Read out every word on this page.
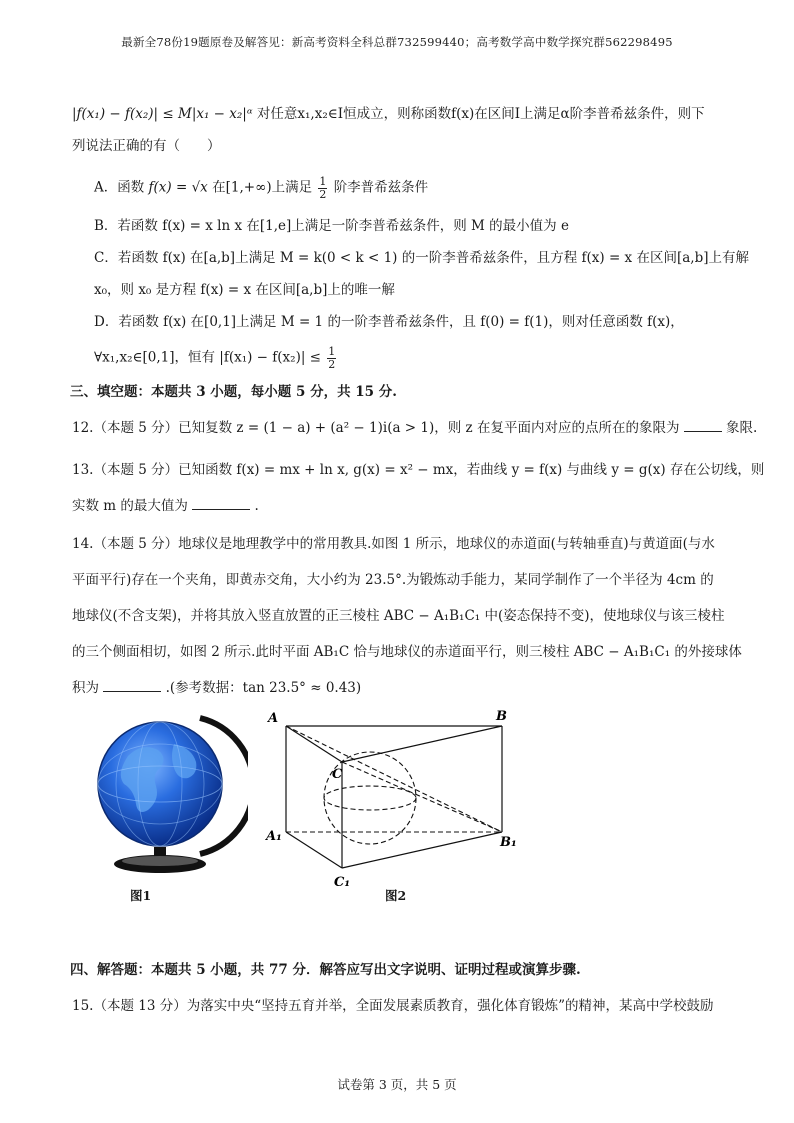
最新全78份19题原卷及解答见：新高考资料全科总群732599440；高考数学高中数学探究群562298495
|f(x₁) − f(x₂)| ≤ M|x₁ − x₂|ᵅ 对任意x₁,x₂∈I恒成立，则称函数f(x)在区间I上满足α阶李普希兹条件，则下
列说法正确的有（　　）
A．函数 f(x) = √x 在[1,+∞)上满足 $\frac{1}{2}$ 阶李普希兹条件
B．若函数 f(x) = x ln x 在[1,e]上满足一阶李普希兹条件，则 M 的最小值为 e
C．若函数 f(x) 在[a,b]上满足 M = k(0 < k < 1) 的一阶李普希兹条件，且方程 f(x) = x 在区间[a,b]上有解
x₀，则 x₀ 是方程 f(x) = x 在区间[a,b]上的唯一解
D．若函数 f(x) 在[0,1]上满足 M = 1 的一阶李普希兹条件，且 f(0) = f(1)，则对任意函数 f(x)，
∀x₁,x₂∈[0,1]，恒有 $|f(x_1) - f(x_2)| \le \frac{1}{2}$
三、填空题：本题共 3 小题，每小题 5 分，共 15 分.
12.（本题 5 分）已知复数 z = (1 − a) + (a² − 1)i(a > 1)，则 z 在复平面内对应的点所在的象限为	象限.
13.（本题 5 分）已知函数 f(x) = mx + ln x, g(x) = x² − mx，若曲线 y = f(x) 与曲线 y = g(x) 存在公切线，则
实数 m 的最大值为	.
14.（本题 5 分）地球仪是地理教学中的常用教具.如图 1 所示，地球仪的赤道面(与转轴垂直)与黄道面(与水
平面平行)存在一个夹角，即黄赤交角，大小约为 23.5°.为锻炼动手能力，某同学制作了一个半径为 4cm 的
地球仪(不含支架)，并将其放入竖直放置的正三棱柱 ABC − A₁B₁C₁ 中(姿态保持不变)，使地球仪与该三棱柱
的三个侧面相切，如图 2 所示.此时平面 AB₁C 恰与地球仪的赤道面平行，则三棱柱 ABC − A₁B₁C₁ 的外接球体
积为	.(参考数据：tan 23.5° ≈ 0.43)
图1
A	B
C
A₁	B₁
C₁
图2
四、解答题：本题共 5 小题，共 77 分．解答应写出文字说明、证明过程或演算步骤.
15.（本题 13 分）为落实中央“坚持五育并举，全面发展素质教育，强化体育锻炼”的精神，某高中学校鼓励
试卷第 3 页，共 5 页
